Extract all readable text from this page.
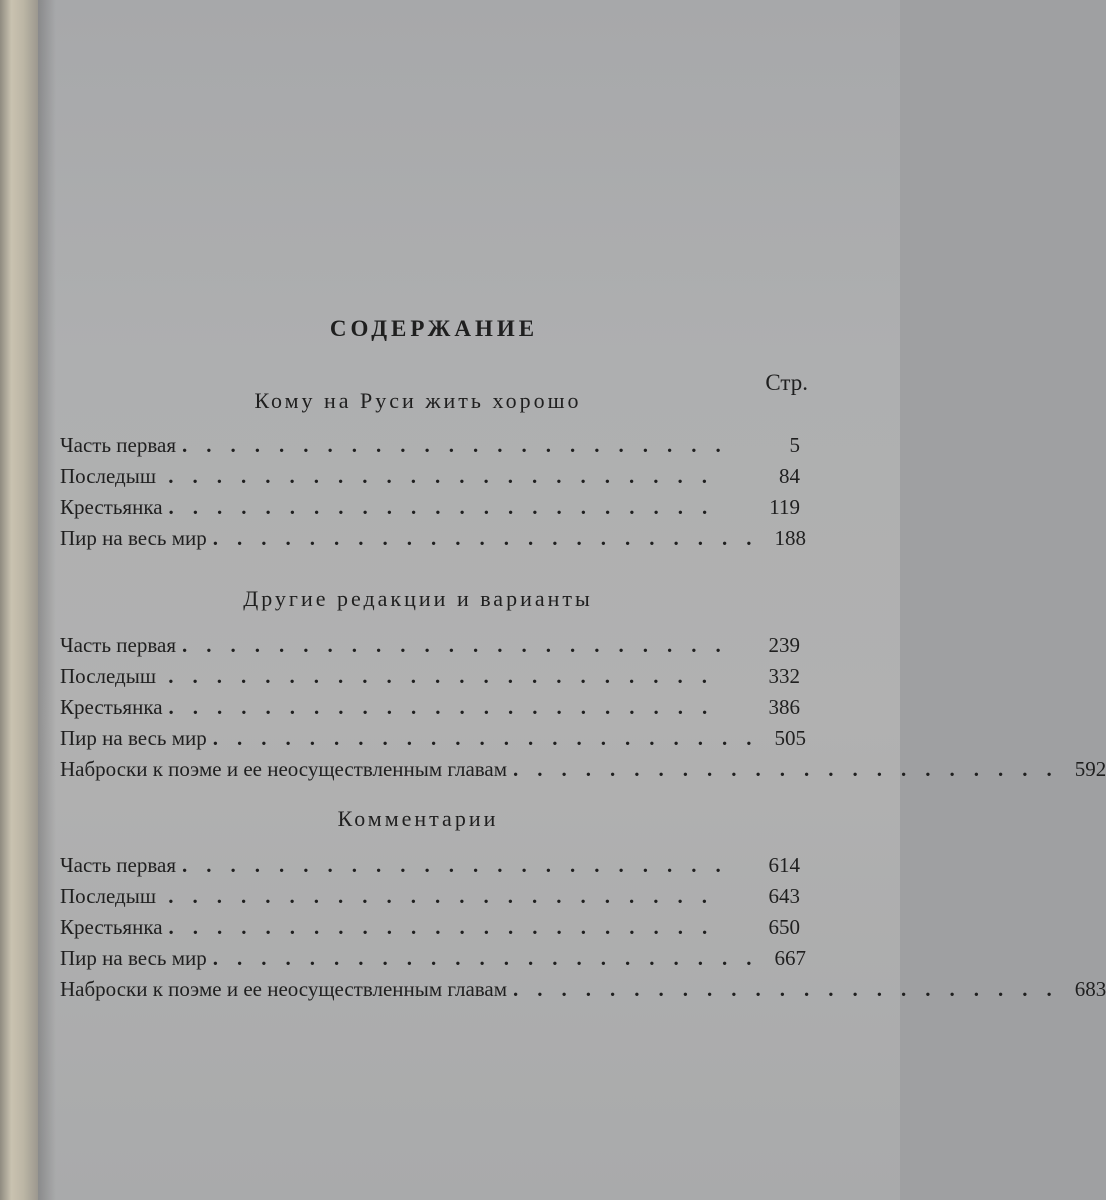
СОДЕРЖАНИЕ
Стр.
Кому на Руси жить хорошо
Часть первая .......................	5
Последыш .......................	84
Крестьянка .......................	119
Пир на весь мир ....................... 188
Другие редакции и варианты
Часть первая .......................	239
Последыш .......................	332
Крестьянка .......................	386
Пир на весь мир ....................... 505
Наброски к поэме и ее неосуществленным главам ....................... 592
Комментарии
Часть первая .......................	614
Последыш .......................	643
Крестьянка .......................	650
Пир на весь мир ....................... 667
Наброски к поэме и ее неосуществленным главам ....................... 683
